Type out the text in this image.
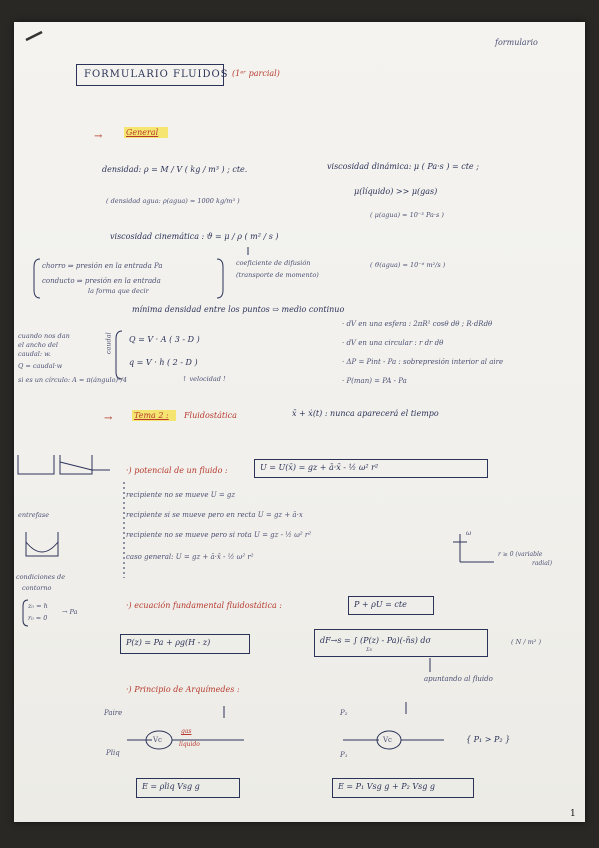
formulario
FORMULARIO FLUIDOS (1ᵉʳ parcial)
→	General
densidad: ρ = M / V ( kg / m³ ) ; cte.
( densidad agua: ρ(agua) = 1000 kg/m³ )
viscosidad dinámica: μ ( Pa·s ) = cte ;
μ(líquido) >> μ(gas)
( μ(agua) = 10⁻³ Pa·s )
viscosidad cinemática : ϑ = μ / ρ ( m² / s )
coeficiente de difusión
(transporte de momento)
( ϑ(agua) = 10⁻⁶ m²/s )
chorro ⇒ presión en la entrada Pa
conducto ⇒ presión en la entrada
la forma que decir
mínima densidad entre los puntos ⇨ medio continuo
cuando nos dan
el ancho del
caudal: w.
Q = caudal·w
si es un círculo: A = π(ángulo)²/4
caudal Q = V · A ( 3 - D )
q = V · h ( 2 - D )
↑ velocidad !
· dV en una esfera : 2πR² cosθ dθ ; R·dRdθ
· dV en una circular : r dr dθ
· ΔP = Pint - Pa : sobrepresión interior al aire
· P(man) = PA - Pa
→	Tema 2 : Fluidostática	x̄ + ẋ(t) : nunca aparecerá el tiempo
·) potencial de un fluido :	U = U(x̄) = gz + ā·x̄ - ½ ω² r²
recipiente no se mueve U = gz
recipiente si se mueve pero en recta U = gz + ā·x
recipiente no se mueve pero si rota U = gz - ½ ω² r²
caso general: U = gz + ā·x̄ - ½ ω² r²
entrefase
condiciones de
contorno
z₀ = h
r₀ = 0
→ Pa
ω
r ≥ 0 (variable
radial)
·) ecuación fundamental fluidostática :	P + ρU = cte
P(z) = Pa + ρg(H - z)	dF→s = ∫ (P(z) - Pa)(-n̄s) dσ
Σs
( N / m² )
apuntando al fluido
·) Principio de Arquímedes :
Paire
Pliq
Vc
gas
líquido
P₂
P₁
Vc	{ P₁ > P₂ }
E = ρliq Vsg g	E = P₁ Vsg g + P₂ Vsg g
1
